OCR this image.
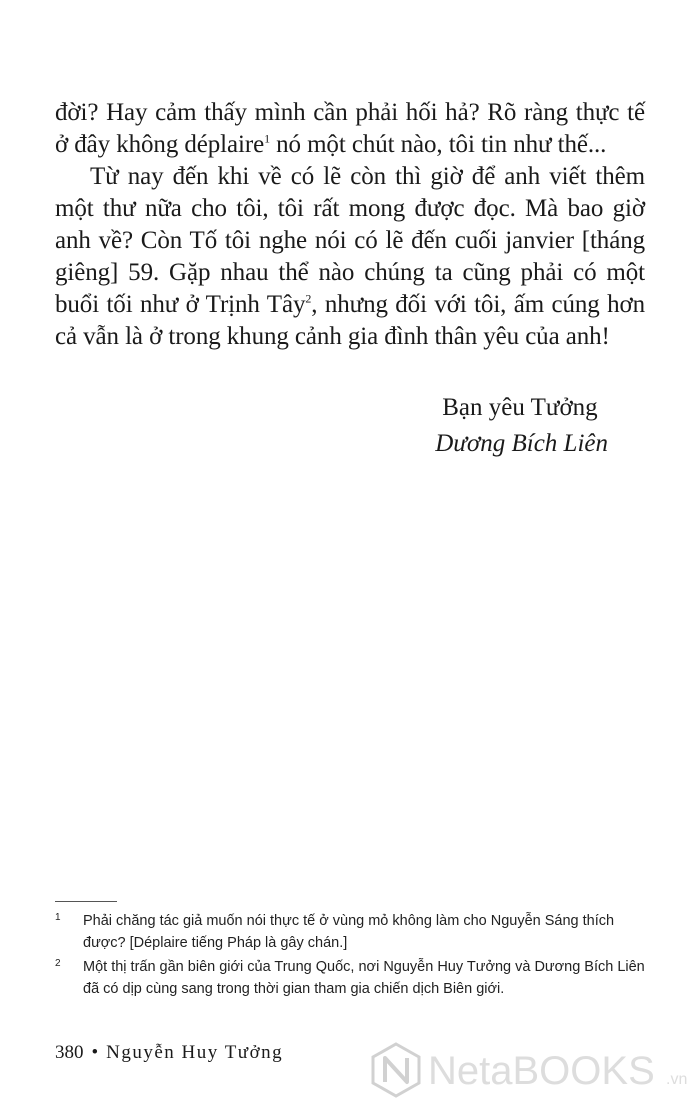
đời? Hay cảm thấy mình cần phải hối hả? Rõ ràng thực tế ở đây không déplaire$^1$ nó một chút nào, tôi tin như thế...

Từ nay đến khi về có lẽ còn thì giờ để anh viết thêm một thư nữa cho tôi, tôi rất mong được đọc. Mà bao giờ anh về? Còn Tố tôi nghe nói có lẽ đến cuối janvier [tháng giêng] 59. Gặp nhau thể nào chúng ta cũng phải có một buổi tối như ở Trịnh Tây$^2$, nhưng đối với tôi, ấm cúng hơn cả vẫn là ở trong khung cảnh gia đình thân yêu của anh!

Bạn yêu Tưởng
Dương Bích Liên
1 Phải chăng tác giả muốn nói thực tế ở vùng mỏ không làm cho Nguyễn Sáng thích được? [Déplaire tiếng Pháp là gây chán.]
2 Một thị trấn gần biên giới của Trung Quốc, nơi Nguyễn Huy Tưởng và Dương Bích Liên đã có dịp cùng sang trong thời gian tham gia chiến dịch Biên giới.
380 • Nguyễn Huy Tưởng	NetaBOOKS .vn
